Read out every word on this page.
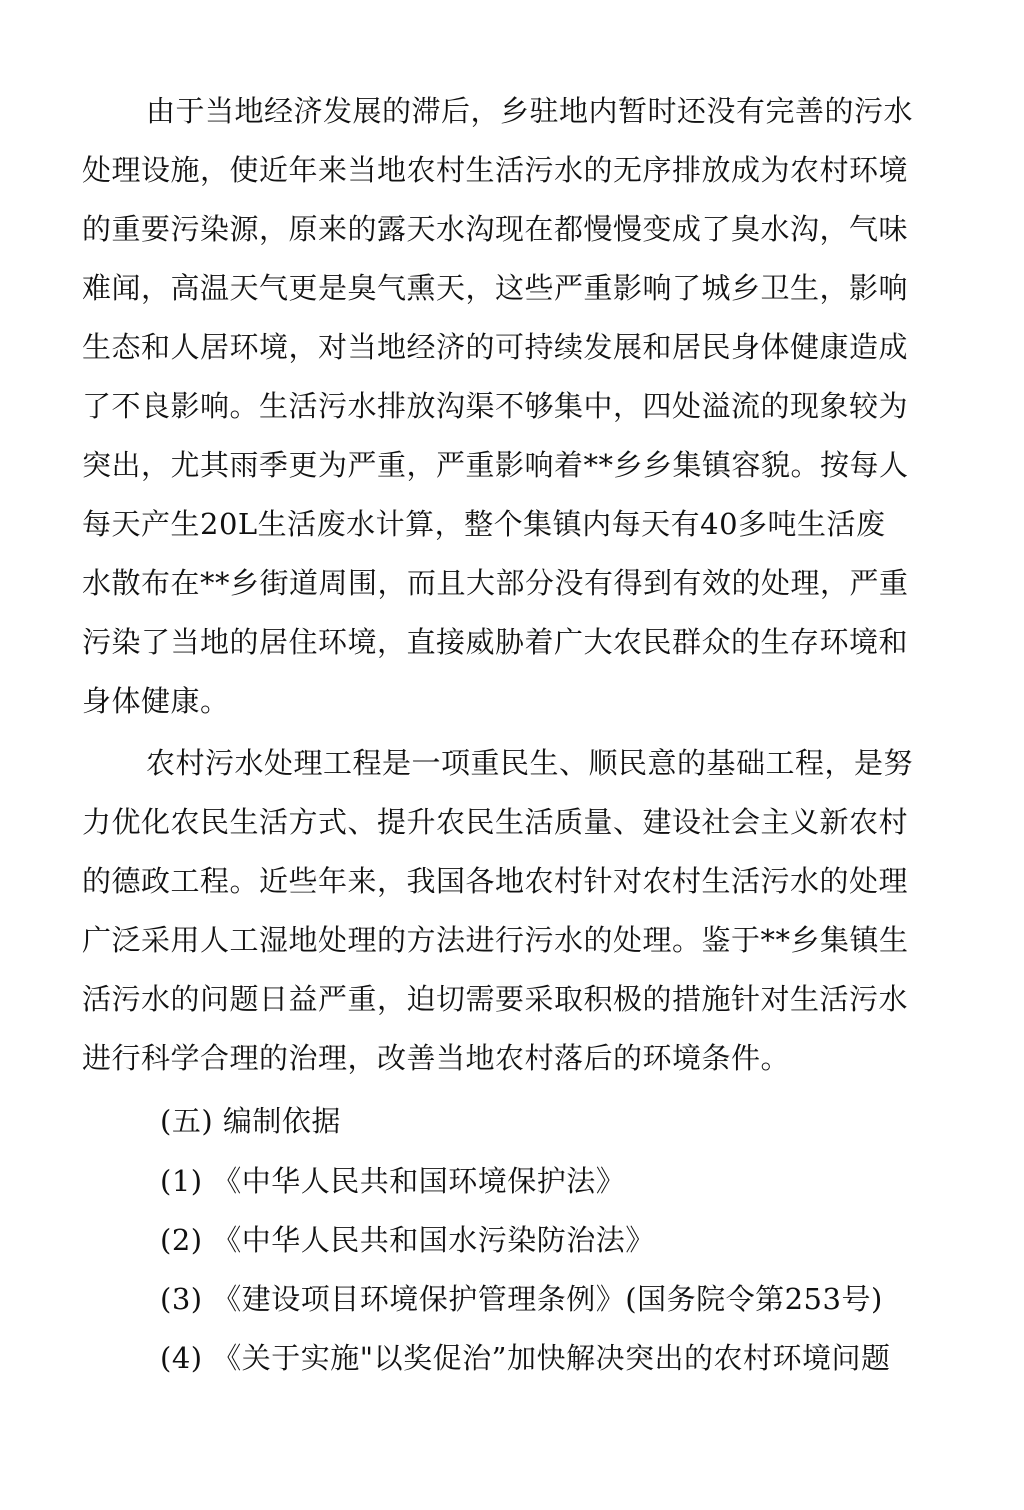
由于当地经济发展的滞后，乡驻地内暂时还没有完善的污水
处理设施，使近年来当地农村生活污水的无序排放成为农村环境
的重要污染源，原来的露天水沟现在都慢慢变成了臭水沟，气味
难闻，高温天气更是臭气熏天，这些严重影响了城乡卫生，影响
生态和人居环境，对当地经济的可持续发展和居民身体健康造成
了不良影响。生活污水排放沟渠不够集中，四处溢流的现象较为
突出，尤其雨季更为严重，严重影响着**乡乡集镇容貌。按每人
每天产生20L生活废水计算，整个集镇内每天有40多吨生活废
水散布在**乡街道周围，而且大部分没有得到有效的处理，严重
污染了当地的居住环境，直接威胁着广大农民群众的生存环境和
身体健康。
农村污水处理工程是一项重民生、顺民意的基础工程，是努
力优化农民生活方式、提升农民生活质量、建设社会主义新农村
的德政工程。近些年来，我国各地农村针对农村生活污水的处理
广泛采用人工湿地处理的方法进行污水的处理。鉴于**乡集镇生
活污水的问题日益严重，迫切需要采取积极的措施针对生活污水
进行科学合理的治理，改善当地农村落后的环境条件。
(五) 编制依据
(1) 《中华人民共和国环境保护法》
(2) 《中华人民共和国水污染防治法》
(3) 《建设项目环境保护管理条例》(国务院令第253号)
(4) 《关于实施"以奖促治”加快解决突出的农村环境问题
